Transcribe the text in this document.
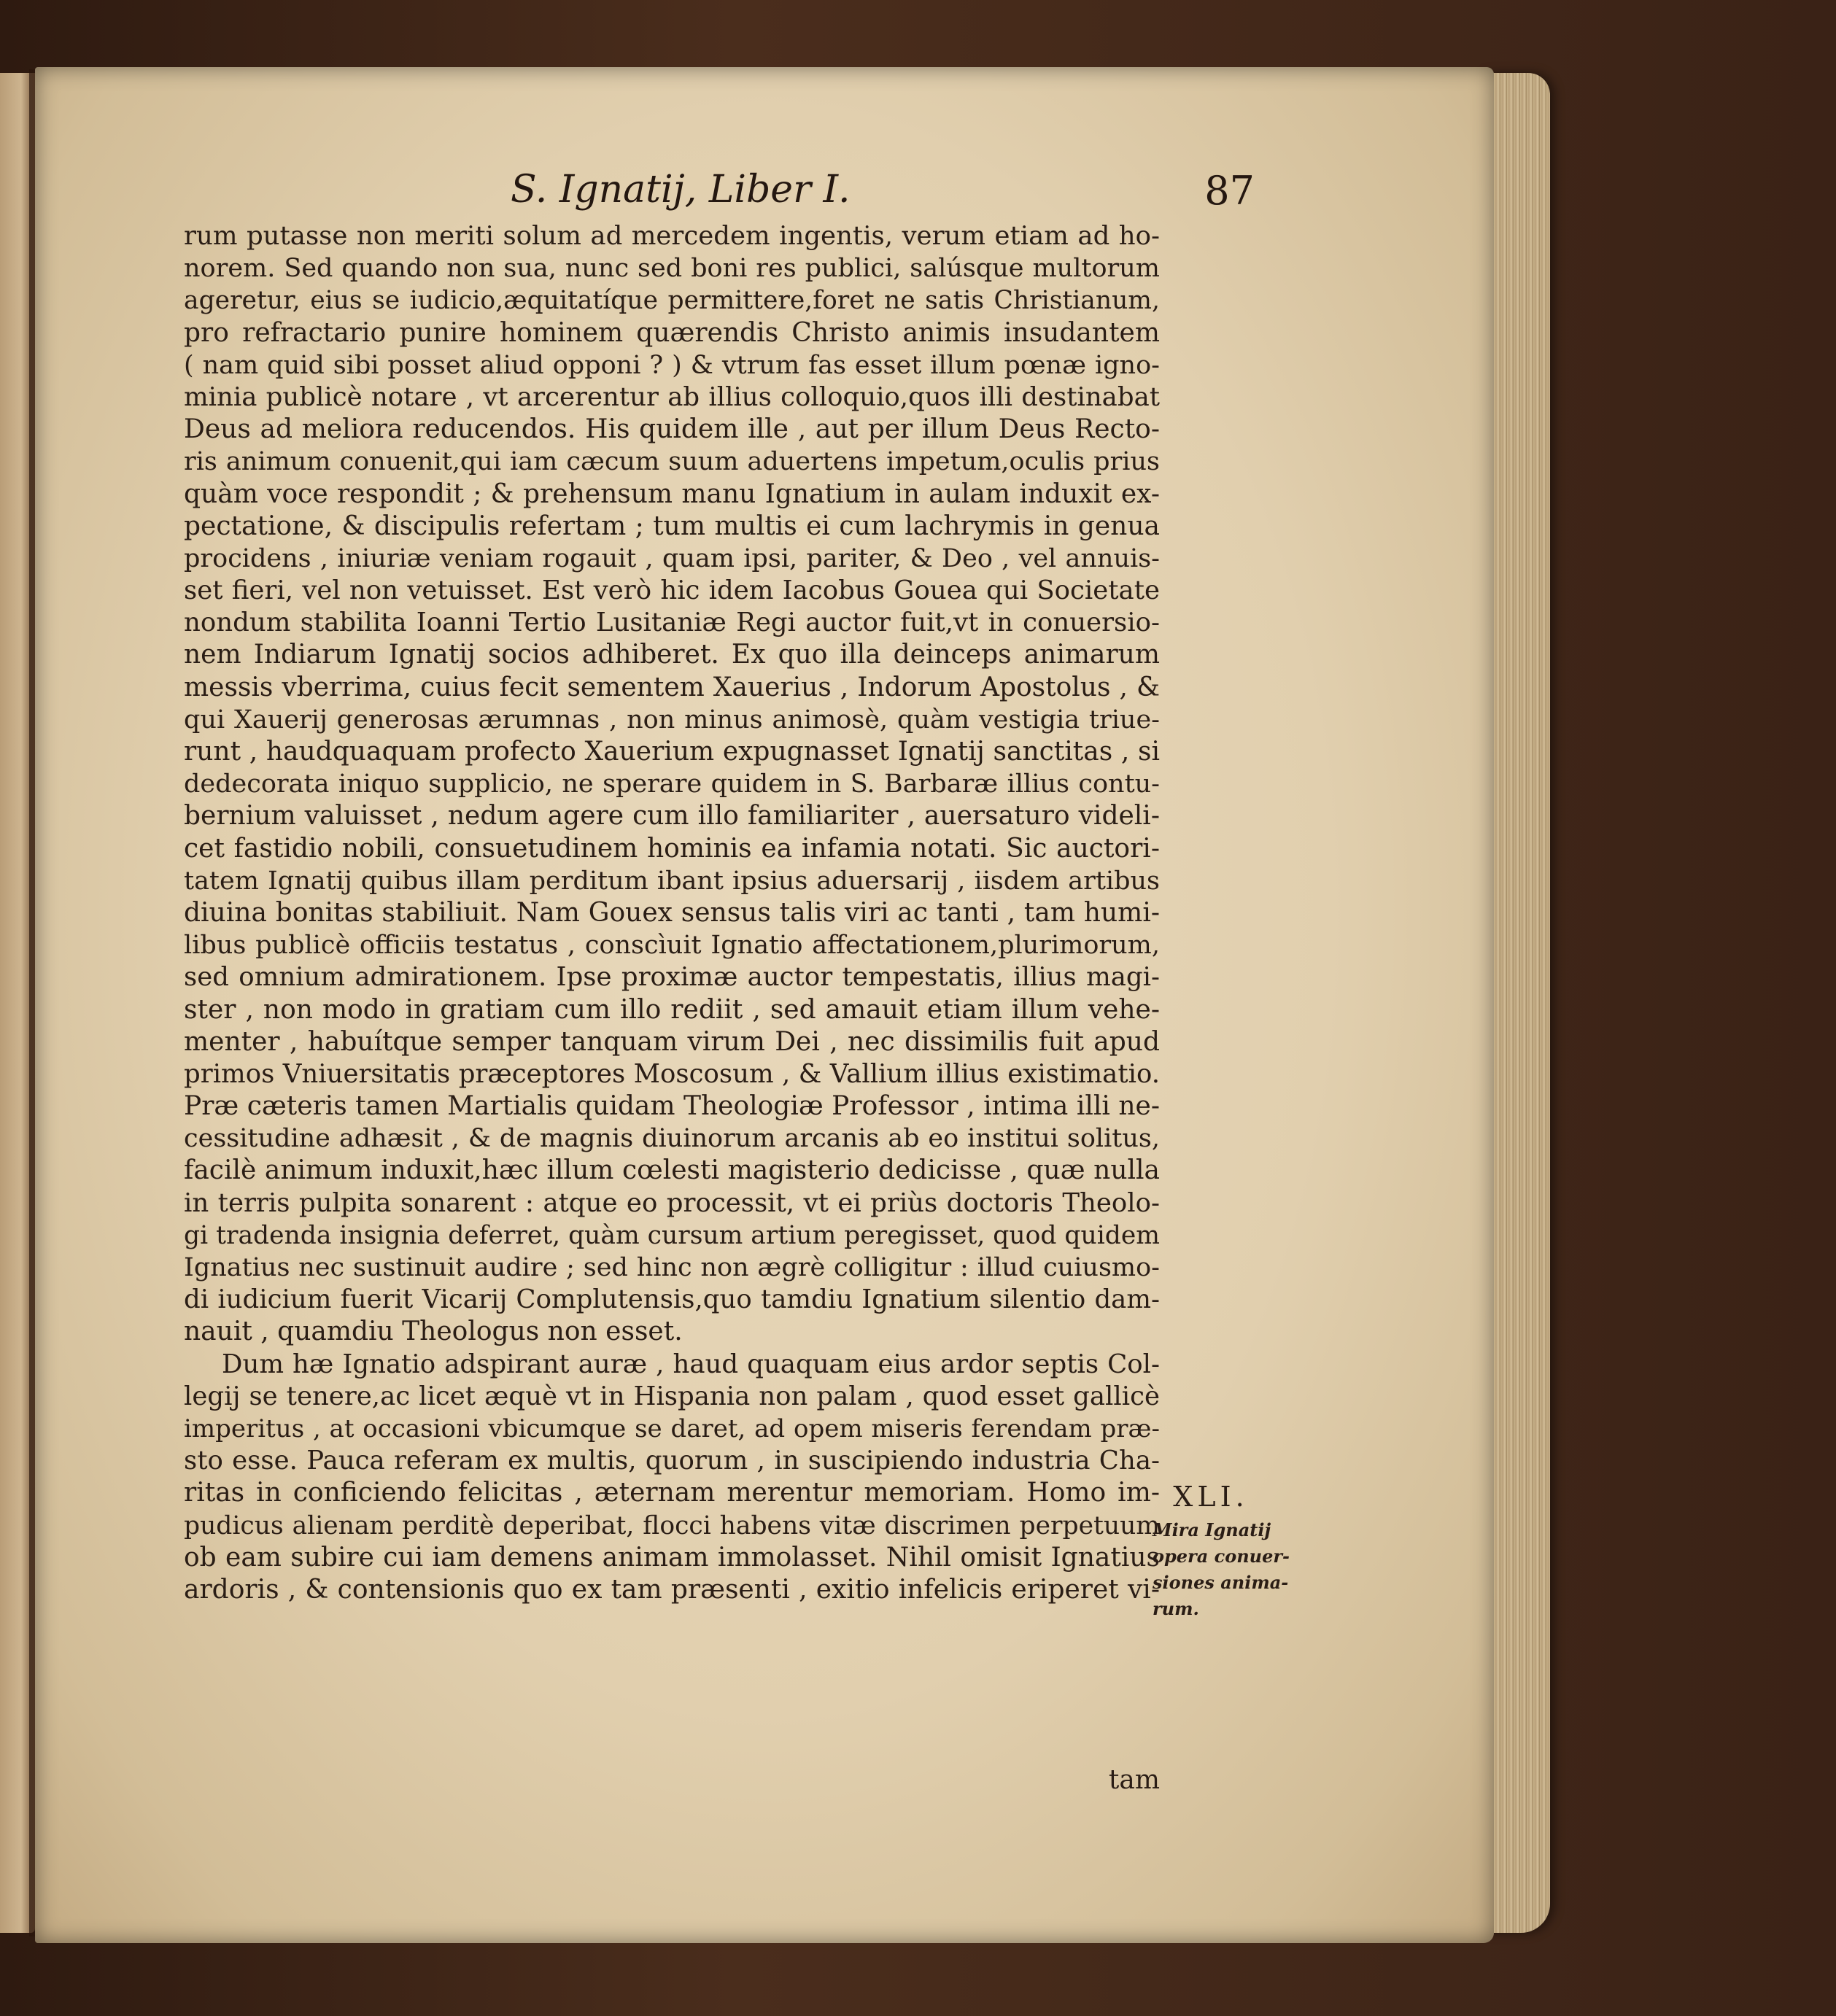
S. Ignatij, Liber I.	87
rum putasse non meriti solum ad mercedem ingentis, verum etiam ad ho-
norem. Sed quando non sua, nunc sed boni res publici, salúsque multorum
ageretur, eius se iudicio,æquitatíque permittere,foret ne satis Christianum,
pro refractario punire hominem quærendis Christo animis insudantem
( nam quid sibi posset aliud opponi ? ) & vtrum fas esset illum pœnæ igno-
minia publicè notare , vt arcerentur ab illius colloquio,quos illi destinabat
Deus ad meliora reducendos. His quidem ille , aut per illum Deus Recto-
ris animum conuenit,qui iam cæcum suum aduertens impetum,oculis prius
quàm voce respondit ; & prehensum manu Ignatium in aulam induxit ex-
pectatione, & discipulis refertam ; tum multis ei cum lachrymis in genua
procidens , iniuriæ veniam rogauit , quam ipsi, pariter, & Deo , vel annuis-
set fieri, vel non vetuisset. Est verò hic idem Iacobus Gouea qui Societate
nondum stabilita Ioanni Tertio Lusitaniæ Regi auctor fuit,vt in conuersio-
nem Indiarum Ignatij socios adhiberet. Ex quo illa deinceps animarum
messis vberrima, cuius fecit sementem Xauerius , Indorum Apostolus , &
qui Xauerij generosas ærumnas , non minus animosè, quàm vestigia triue-
runt , haudquaquam profecto Xauerium expugnasset Ignatij sanctitas , si
dedecorata iniquo supplicio, ne sperare quidem in S. Barbaræ illius contu-
bernium valuisset , nedum agere cum illo familiariter , auersaturo videli-
cet fastidio nobili, consuetudinem hominis ea infamia notati. Sic auctori-
tatem Ignatij quibus illam perditum ibant ipsius aduersarij , iisdem artibus
diuina bonitas stabiliuit. Nam Gouex sensus talis viri ac tanti , tam humi-
libus publicè officiis testatus , conscìuit Ignatio affectationem,plurimorum,
sed omnium admirationem. Ipse proximæ auctor tempestatis, illius magi-
ster , non modo in gratiam cum illo rediit , sed amauit etiam illum vehe-
menter , habuítque semper tanquam virum Dei , nec dissimilis fuit apud
primos Vniuersitatis præceptores Moscosum , & Vallium illius existimatio.
Præ cæteris tamen Martialis quidam Theologiæ Professor , intima illi ne-
cessitudine adhæsit , & de magnis diuinorum arcanis ab eo institui solitus,
facilè animum induxit,hæc illum cœlesti magisterio dedicisse , quæ nulla
in terris pulpita sonarent : atque eo processit, vt ei priùs doctoris Theolo-
gi tradenda insignia deferret, quàm cursum artium peregisset, quod quidem
Ignatius nec sustinuit audire ; sed hinc non ægrè colligitur : illud cuiusmo-
di iudicium fuerit Vicarij Complutensis,quo tamdiu Ignatium silentio dam-
nauit , quamdiu Theologus non esset.
Dum hæ Ignatio adspirant auræ , haud quaquam eius ardor septis Col-
legij se tenere,ac licet æquè vt in Hispania non palam , quod esset gallicè
imperitus , at occasioni vbicumque se daret, ad opem miseris ferendam præ-
sto esse. Pauca referam ex multis, quorum , in suscipiendo industria Cha-
ritas in conficiendo felicitas , æternam merentur memoriam. Homo im-
pudicus alienam perditè deperibat, flocci habens vitæ discrimen perpetuum
ob eam subire cui iam demens animam immolasset. Nihil omisit Ignatius
ardoris , & contensionis quo ex tam præsenti , exitio infelicis eriperet vi-
tam
XLI.
Mira Ignatij
opera conuer-
siones anima-
rum.
